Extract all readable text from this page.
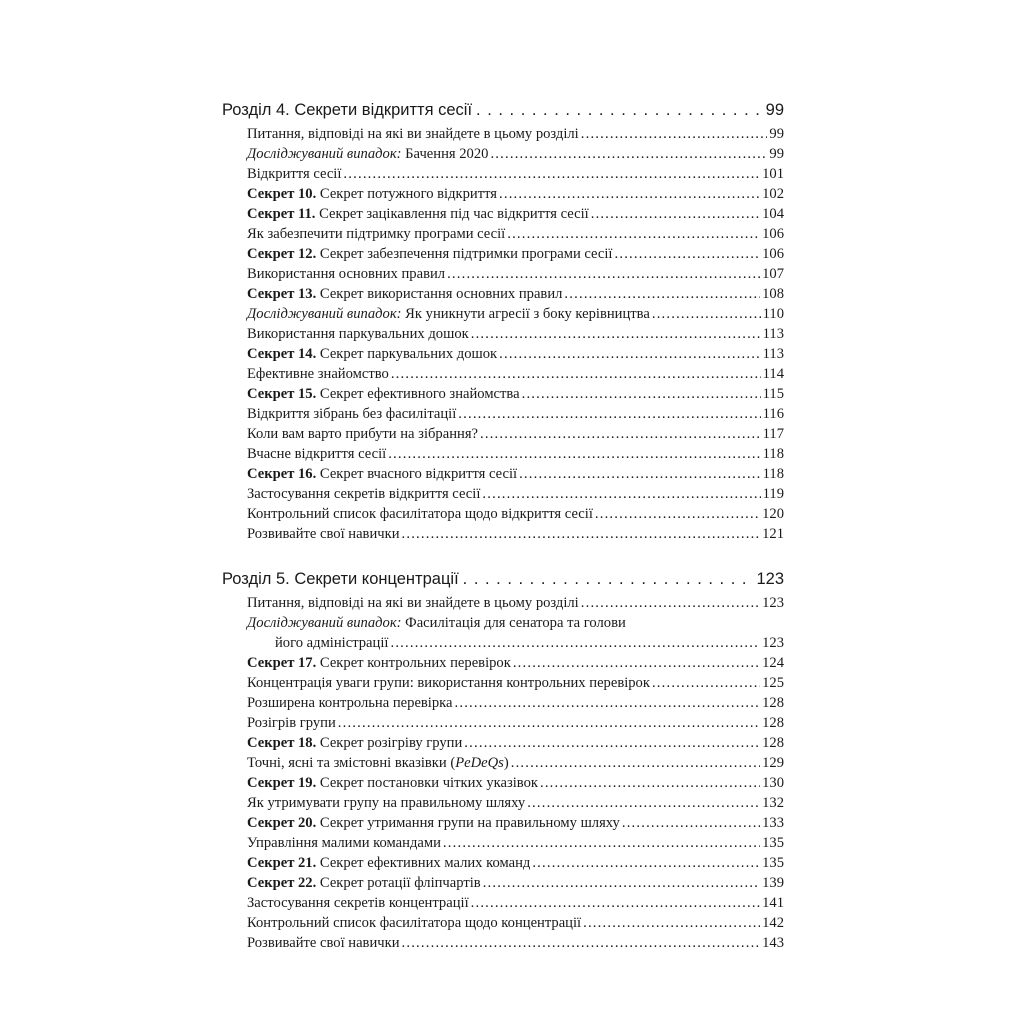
Розділ 4. Секрети відкриття сесії . . .	99
Питання, відповіді на які ви знайдете в цьому розділі .....	99
Досліджуваний випадок: Бачення 2020 .....	99
Відкриття сесії .....	101
Секрет 10. Секрет потужного відкриття .....	102
Секрет 11. Секрет зацікавлення під час відкриття сесії .....	104
Як забезпечити підтримку програми сесії .....	106
Секрет 12. Секрет забезпечення підтримки програми сесії .....	106
Використання основних правил .....	107
Секрет 13. Секрет використання основних правил .....	108
Досліджуваний випадок: Як уникнути агресії з боку керівництва .....	110
Використання паркувальних дошок .....	113
Секрет 14. Секрет паркувальних дошок .....	113
Ефективне знайомство .....	114
Секрет 15. Секрет ефективного знайомства .....	115
Відкриття зібрань без фасилітації .....	116
Коли вам варто прибути на зібрання? .....	117
Вчасне відкриття сесії .....	118
Секрет 16. Секрет вчасного відкриття сесії .....	118
Застосування секретів відкриття сесії .....	119
Контрольний список фасилітатора щодо відкриття сесії .....	120
Розвивайте свої навички .....	121
Розділ 5. Секрети концентрації . . .	123
Питання, відповіді на які ви знайдете в цьому розділі .....	123
Досліджуваний випадок: Фасилітація для сенатора та голови
його адміністрації .....	123
Секрет 17. Секрет контрольних перевірок .....	124
Концентрація уваги групи: використання контрольних перевірок .....	125
Розширена контрольна перевірка .....	128
Розігрів групи .....	128
Секрет 18. Секрет розігріву групи .....	128
Точні, ясні та змістовні вказівки (PeDeQs) .....	129
Секрет 19. Секрет постановки чітких указівок .....	130
Як утримувати групу на правильному шляху .....	132
Секрет 20. Секрет утримання групи на правильному шляху .....	133
Управління малими командами .....	135
Секрет 21. Секрет ефективних малих команд .....	135
Секрет 22. Секрет ротації фліпчартів .....	139
Застосування секретів концентрації .....	141
Контрольний список фасилітатора щодо концентрації .....	142
Розвивайте свої навички .....	143
